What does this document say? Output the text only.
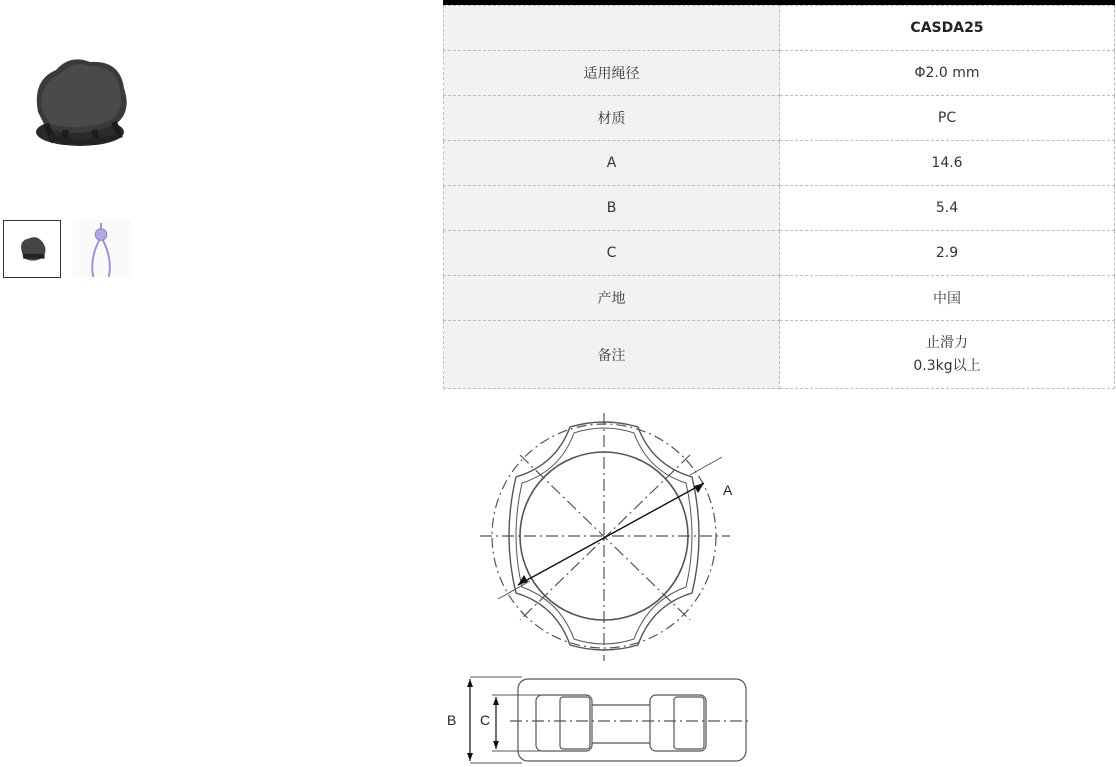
	CASDA25
适用绳径	Φ2.0 mm
材质	PC
A	14.6
B	5.4
C	2.9
产地	中国
备注	止滑力
0.3kg以上
A
B C
